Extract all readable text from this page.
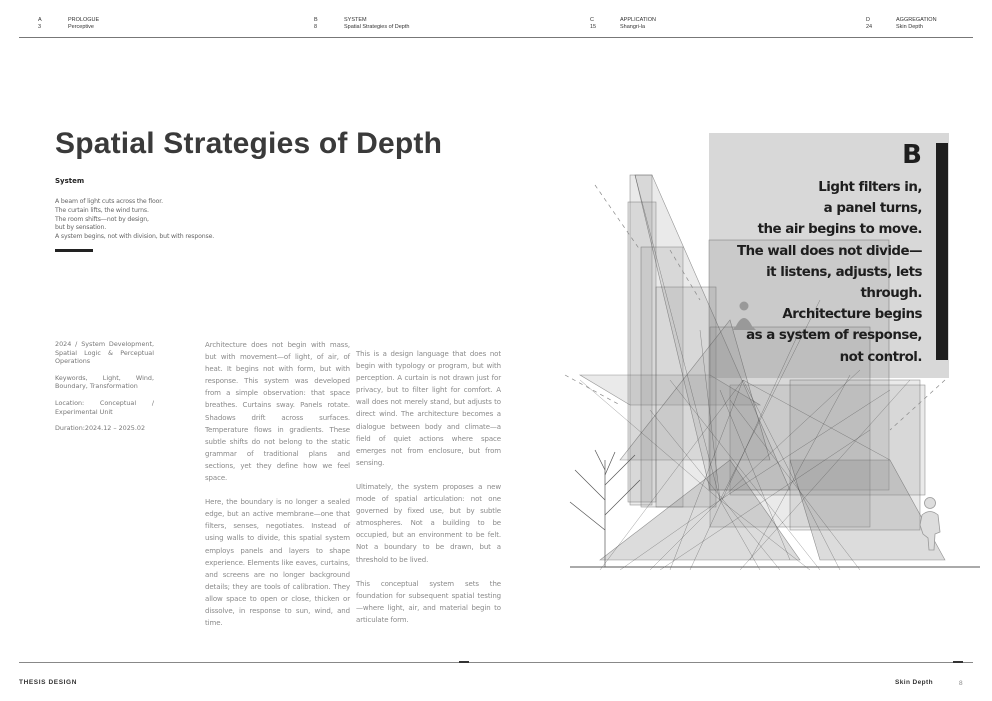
A	PROLOGUE
3	Perceptive
B	SYSTEM
8	Spatial Strategies of Depth
C	APPLICATION
15	Shangri-la
D	AGGREGATION
24	Skin Depth
Spatial Strategies of Depth
System
A beam of light cuts across the floor.
The curtain lifts, the wind turns.
The room shifts—not by design,
but by sensation.
A system begins, not with division, but with response.

2024 / System Development, Spatial Logic & Perceptual Operations

Keywords, Light, Wind, Boundary, Transformation

Location: Conceptual / Experimental Unit

Duration:2024.12 – 2025.02

Architecture does not begin with mass, but with movement—of light, of air, of heat. It begins not with form, but with response. This system was developed from a simple observation: that space breathes. Curtains sway. Panels rotate. Shadows drift across surfaces. Temperature flows in gradients. These subtle shifts do not belong to the static grammar of traditional plans and sections, yet they define how we feel space.

Here, the boundary is no longer a sealed edge, but an active membrane—one that filters, senses, negotiates. Instead of using walls to divide, this spatial system employs panels and layers to shape experience. Elements like eaves, curtains, and screens are no longer background details; they are tools of calibration. They allow space to open or close, thicken or dissolve, in response to sun, wind, and time.

This is a design language that does not begin with typology or program, but with perception. A curtain is not drawn just for privacy, but to filter light for comfort. A wall does not merely stand, but adjusts to direct wind. The architecture becomes a dialogue between body and climate—a field of quiet actions where space emerges not from enclosure, but from sensing.

Ultimately, the system proposes a new mode of spatial articulation: not one governed by fixed use, but by subtle atmospheres. Not a building to be occupied, but an environment to be felt. Not a boundary to be drawn, but a threshold to be lived.

This conceptual system sets the foundation for subsequent spatial testing—where light, air, and material begin to articulate form.

B
Light filters in,
a panel turns,
the air begins to move.
The wall does not divide—
it listens, adjusts, lets
through.
Architecture begins
as a system of response,
not control.
THESIS DESIGN	Skin Depth	8
